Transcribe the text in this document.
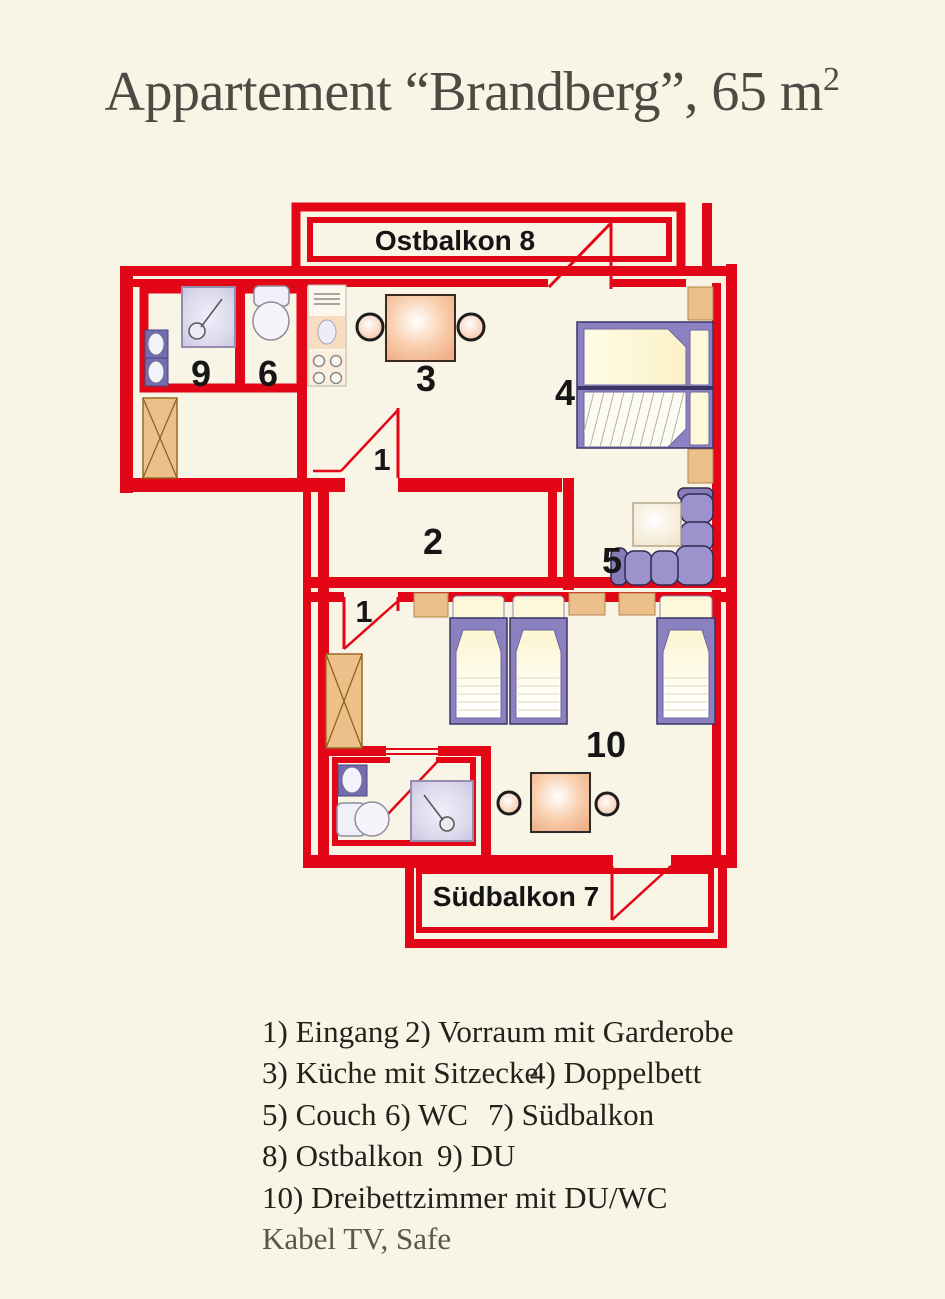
Appartement “Brandberg”, 65 $m^2$
Ostbalkon 8
Südbalkon 7
9 6	3
1
4
2	5
1
10
1) Eingang 2) Vorraum mit Garderobe
3) Küche mit Sitzecke
4) Doppelbett
5) Couch 6) WC 7) Südbalkon
8) Ostbalkon 9) DU
10) Dreibettzimmer mit DU/WC
Kabel TV, Safe
